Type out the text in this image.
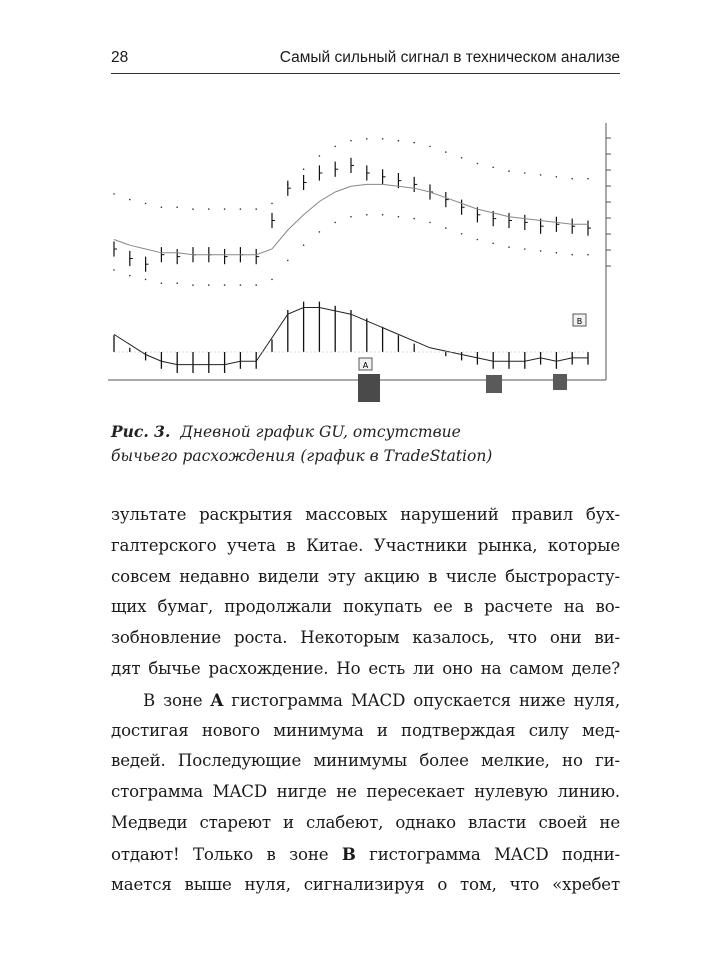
28	Самый сильный сигнал в техническом анализе
A
B
Рис. 3. Дневной график GU, отсутствие
бычьего расхождения (график в TradeStation)
зультате раскрытия массовых нарушений правил бух-
галтерского учета в Китае. Участники рынка, которые
совсем недавно видели эту акцию в числе быстрорасту-
щих бумаг, продолжали покупать ее в расчете на во-
зобновление роста. Некоторым казалось, что они ви-
дят бычье расхождение. Но есть ли оно на самом деле?
В зоне A гистограмма MACD опускается ниже нуля,
достигая нового минимума и подтверждая силу мед-
ведей. Последующие минимумы более мелкие, но ги-
стограмма MACD нигде не пересекает нулевую линию.
Медведи стареют и слабеют, однако власти своей не
отдают! Только в зоне B гистограмма MACD подни-
мается выше нуля, сигнализируя о том, что «хребет
